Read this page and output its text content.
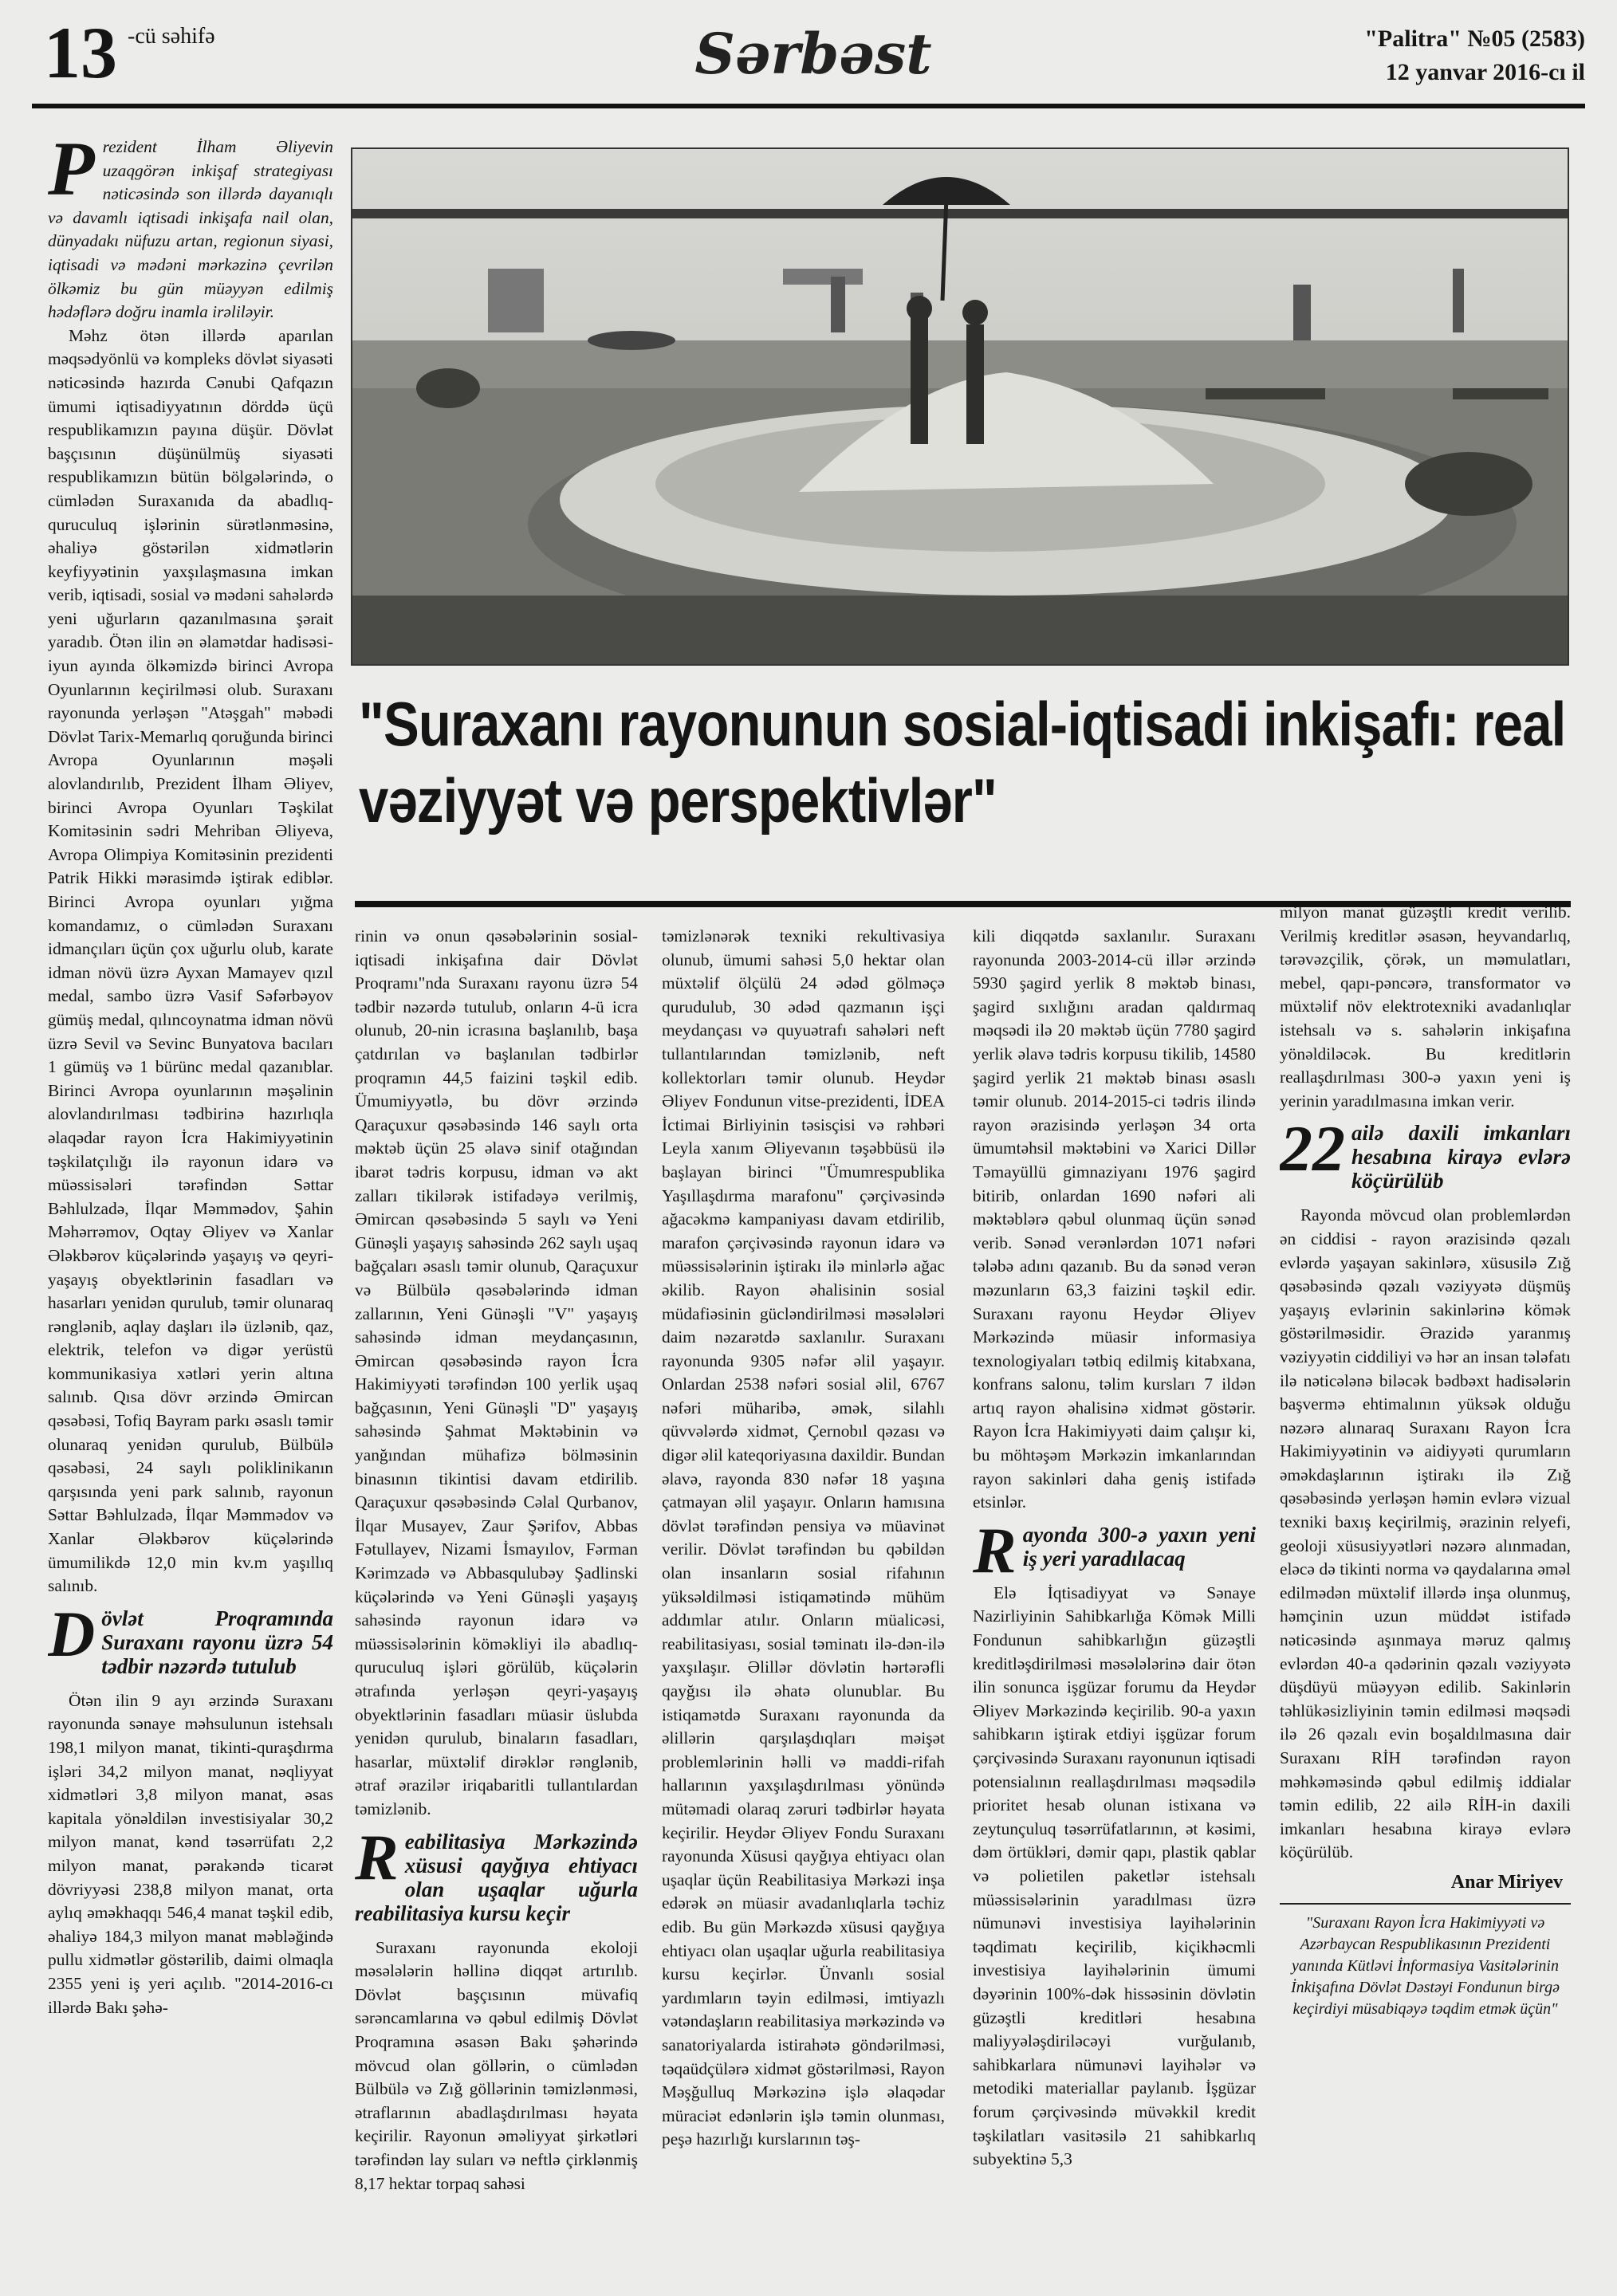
13 -cü səhifə	Sərbəst	"Palitra" №05 (2583)
12 yanvar 2016-cı il

Prezident İlham Əliyevin uzaqgörən inkişaf strategiyası nəticəsində son illərdə dayanıqlı və davamlı iqtisadi inkişafa nail olan, dünyadakı nüfuzu artan, regionun siyasi, iqtisadi və mədəni mərkəzinə çevrilən ölkəmiz bu gün müəyyən edilmiş hədəflərə doğru inamla irəliləyir.

Məhz ötən illərdə aparılan məqsədyönlü və kompleks dövlət siyasəti nəticəsində hazırda Cənubi Qafqazın ümumi iqtisadiyyatının dörddə üçü respublikamızın payına düşür. Dövlət başçısının düşünülmüş siyasəti respublikamızın bütün bölgələrində, o cümlədən Suraxanıda da abadlıq-quruculuq işlərinin sürətlənməsinə, əhaliyə göstərilən xidmətlərin keyfiyyətinin yaxşılaşmasına imkan verib, iqtisadi, sosial və mədəni sahələrdə yeni uğurların qazanılmasına şərait yaradıb. Ötən ilin ən əlamətdar hadisəsi-iyun ayında ölkəmizdə birinci Avropa Oyunlarının keçirilməsi olub. Suraxanı rayonunda yerləşən "Atəşgah" məbədi Dövlət Tarix-Memarlıq qoruğunda birinci Avropa Oyunlarının məşəli alovlandırılıb, Prezident İlham Əliyev, birinci Avropa Oyunları Təşkilat Komitəsinin sədri Mehriban Əliyeva, Avropa Olimpiya Komitəsinin prezidenti Patrik Hikki mərasimdə iştirak ediblər. Birinci Avropa oyunları yığma komandamız, o cümlədən Suraxanı idmançıları üçün çox uğurlu olub, karate idman növü üzrə Ayxan Mamayev qızıl medal, sambo üzrə Vasif Səfərbəyov gümüş medal, qılıncoynatma idman növü üzrə Sevil və Sevinc Bunyatova bacıları 1 gümüş və 1 bürünc medal qazanıblar. Birinci Avropa oyunlarının məşəlinin alovlandırılması tədbirinə hazırlıqla əlaqədar rayon İcra Hakimiyyətinin təşkilatçılığı ilə rayonun idarə və müəssisələri tərəfindən Səttar Bəhlulzadə, İlqar Məmmədov, Şahin Məhərrəmov, Oqtay Əliyev və Xanlar Ələkbərov küçələrində yaşayış və qeyri-yaşayış obyektlərinin fasadları və hasarları yenidən qurulub, təmir olunaraq rənglənib, aqlay daşları ilə üzlənib, qaz, elektrik, telefon və digər yerüstü kommunikasiya xətləri yerin altına salınıb. Qısa dövr ərzində Əmircan qəsəbəsi, Tofiq Bayram parkı əsaslı təmir olunaraq yenidən qurulub, Bülbülə qəsəbəsi, 24 saylı poliklinikanın qarşısında yeni park salınıb, rayonun Səttar Bəhlulzadə, İlqar Məmmədov və Xanlar Ələkbərov küçələrində ümumilikdə 12,0 min kv.m yaşıllıq salınıb.

Dövlət Proqramında Suraxanı rayonu üzrə 54 tədbir nəzərdə tutulub

Ötən ilin 9 ayı ərzində Suraxanı rayonunda sənaye məhsulunun istehsalı 198,1 milyon manat, tikinti-quraşdırma işləri 34,2 milyon manat, nəqliyyat xidmətləri 3,8 milyon manat, əsas kapitala yönəldilən investisiyalar 30,2 milyon manat, kənd təsərrüfatı 2,2 milyon manat, pərakəndə ticarət dövriyyəsi 238,8 milyon manat, orta aylıq əməkhaqqı 546,4 manat təşkil edib, əhaliyə 184,3 milyon manat məbləğində pullu xidmətlər göstərilib, daimi olmaqla 2355 yeni iş yeri açılıb. "2014-2016-cı illərdə Bakı şəhə-

"Suraxanı rayonunun sosial-iqtisadi inkişafı: real vəziyyət və perspektivlər"

rinin və onun qəsəbələrinin sosial-iqtisadi inkişafına dair Dövlət Proqramı"nda Suraxanı rayonu üzrə 54 tədbir nəzərdə tutulub, onların 4-ü icra olunub, 20-nin icrasına başlanılıb, başa çatdırılan və başlanılan tədbirlər proqramın 44,5 faizini təşkil edib. Ümumiyyətlə, bu dövr ərzində Qaraçuxur qəsəbəsində 146 saylı orta məktəb üçün 25 əlavə sinif otağından ibarət tədris korpusu, idman və akt zalları tikilərək istifadəyə verilmiş, Əmircan qəsəbəsində 5 saylı və Yeni Günəşli yaşayış sahəsində 262 saylı uşaq bağçaları əsaslı təmir olunub, Qaraçuxur və Bülbülə qəsəbələrində idman zallarının, Yeni Günəşli "V" yaşayış sahəsində idman meydançasının, Əmircan qəsəbəsində rayon İcra Hakimiyyəti tərəfindən 100 yerlik uşaq bağçasının, Yeni Günəşli "D" yaşayış sahəsində Şahmat Məktəbinin və yanğından mühafizə bölməsinin binasının tikintisi davam etdirilib. Qaraçuxur qəsəbəsində Cəlal Qurbanov, İlqar Musayev, Zaur Şərifov, Abbas Fətullayev, Nizami İsmayılov, Fərman Kərimzadə və Abbasqulubəy Şadlinski küçələrində və Yeni Günəşli yaşayış sahəsində rayonun idarə və müəssisələrinin köməkliyi ilə abadlıq-quruculuq işləri görülüb, küçələrin ətrafında yerləşən qeyri-yaşayış obyektlərinin fasadları müasir üslubda yenidən qurulub, binaların fasadları, hasarlar, müxtəlif dirəklər rənglənib, ətraf ərazilər iriqabaritli tullantılardan təmizlənib.

Reabilitasiya Mərkəzində xüsusi qayğıya ehtiyacı olan uşaqlar uğurla reabilitasiya kursu keçir

Suraxanı rayonunda ekoloji məsələlərin həllinə diqqət artırılıb. Dövlət başçısının müvafiq sərəncamlarına və qəbul edilmiş Dövlət Proqramına əsasən Bakı şəhərində mövcud olan göllərin, o cümlədən Bülbülə və Zığ göllərinin təmizlənməsi, ətraflarının abadlaşdırılması həyata keçirilir. Rayonun əməliyyat şirkətləri tərəfindən lay suları və neftlə çirklənmiş 8,17 hektar torpaq sahəsi

təmizlənərək texniki rekultivasiya olunub, ümumi sahəsi 5,0 hektar olan müxtəlif ölçülü 24 ədəd gölməçə qurudulub, 30 ədəd qazmanın işçi meydançası və quyuətrafı sahələri neft tullantılarından təmizlənib, neft kollektorları təmir olunub. Heydər Əliyev Fondunun vitse-prezidenti, İDEA İctimai Birliyinin təsisçisi və rəhbəri Leyla xanım Əliyevanın təşəbbüsü ilə başlayan birinci "Ümumrespublika Yaşıllaşdırma marafonu" çərçivəsində ağacəkmə kampaniyası davam etdirilib, marafon çərçivəsində rayonun idarə və müəssisələrinin iştirakı ilə minlərlə ağac əkilib. Rayon əhalisinin sosial müdafiəsinin gücləndirilməsi məsələləri daim nəzarətdə saxlanılır. Suraxanı rayonunda 9305 nəfər əlil yaşayır. Onlardan 2538 nəfəri sosial əlil, 6767 nəfəri müharibə, əmək, silahlı qüvvələrdə xidmət, Çernobıl qəzası və digər əlil kateqoriyasına daxildir. Bundan əlavə, rayonda 830 nəfər 18 yaşına çatmayan əlil yaşayır. Onların hamısına dövlət tərəfindən pensiya və müavinət verilir. Dövlət tərəfindən bu qəbildən olan insanların sosial rifahının yüksəldilməsi istiqamətində mühüm addımlar atılır. Onların müalicəsi, reabilitasiyası, sosial təminatı ilə-dən-ilə yaxşılaşır. Əlillər dövlətin hərtərəfli qayğısı ilə əhatə olunublar. Bu istiqamətdə Suraxanı rayonunda da əlillərin qarşılaşdıqları məişət problemlərinin həlli və maddi-rifah hallarının yaxşılaşdırılması yönündə mütəmadi olaraq zəruri tədbirlər həyata keçirilir. Heydər Əliyev Fondu Suraxanı rayonunda Xüsusi qayğıya ehtiyacı olan uşaqlar üçün Reabilitasiya Mərkəzi inşa edərək ən müasir avadanlıqlarla təchiz edib. Bu gün Mərkəzdə xüsusi qayğıya ehtiyacı olan uşaqlar uğurla reabilitasiya kursu keçirlər. Ünvanlı sosial yardımların təyin edilməsi, imtiyazlı vətəndaşların reabilitasiya mərkəzində və sanatoriyalarda istirahətə göndərilməsi, təqaüdçülərə xidmət göstərilməsi, Rayon Məşğulluq Mərkəzinə işlə əlaqədar müraciət edənlərin işlə təmin olunması, peşə hazırlığı kurslarının təş-

kili diqqətdə saxlanılır. Suraxanı rayonunda 2003-2014-cü illər ərzində 5930 şagird yerlik 8 məktəb binası, şagird sıxlığını aradan qaldırmaq məqsədi ilə 20 məktəb üçün 7780 şagird yerlik əlavə tədris korpusu tikilib, 14580 şagird yerlik 21 məktəb binası əsaslı təmir olunub. 2014-2015-ci tədris ilində rayon ərazisində yerləşən 34 orta ümumtəhsil məktəbini və Xarici Dillər Təmayüllü gimnaziyanı 1976 şagird bitirib, onlardan 1690 nəfəri ali məktəblərə qəbul olunmaq üçün sənəd verib. Sənəd verənlərdən 1071 nəfəri tələbə adını qazanıb. Bu da sənəd verən məzunların 63,3 faizini təşkil edir. Suraxanı rayonu Heydər Əliyev Mərkəzində müasir informasiya texnologiyaları tətbiq edilmiş kitabxana, konfrans salonu, təlim kursları 7 ildən artıq rayon əhalisinə xidmət göstərir. Rayon İcra Hakimiyyəti daim çalışır ki, bu möhtəşəm Mərkəzin imkanlarından rayon sakinləri daha geniş istifadə etsinlər.

Rayonda 300-ə yaxın yeni iş yeri yaradılacaq

Elə İqtisadiyyat və Sənaye Nazirliyinin Sahibkarlığa Kömək Milli Fondunun sahibkarlığın güzəştli kreditləşdirilməsi məsələlərinə dair ötən ilin sonunca işgüzar forumu da Heydər Əliyev Mərkəzində keçirilib. 90-a yaxın sahibkarın iştirak etdiyi işgüzar forum çərçivəsində Suraxanı rayonunun iqtisadi potensialının reallaşdırılması məqsədilə prioritet hesab olunan istixana və zeytunçuluq təsərrüfatlarının, ət kəsimi, dəm örtükləri, dəmir qapı, plastik qablar və polietilen paketlər istehsalı müəssisələrinin yaradılması üzrə nümunəvi investisiya layihələrinin təqdimatı keçirilib, kiçikhəcmli investisiya layihələrinin ümumi dəyərinin 100%-dək hissəsinin dövlətin güzəştli kreditləri hesabına maliyyələşdiriləcəyi vurğulanıb, sahibkarlara nümunəvi layihələr və metodiki materiallar paylanıb. İşgüzar forum çərçivəsində müvəkkil kredit təşkilatları vasitəsilə 21 sahibkarlıq subyektinə 5,3

milyon manat güzəştli kredit verilib. Verilmiş kreditlər əsasən, heyvandarlıq, tərəvəzçilik, çörək, un məmulatları, mebel, qapı-pəncərə, transformator və müxtəlif növ elektrotexniki avadanlıqlar istehsalı və s. sahələrin inkişafına yönəldiləcək. Bu kreditlərin reallaşdırılması 300-ə yaxın yeni iş yerinin yaradılmasına imkan verir.

22 ailə daxili imkanları hesabına kirayə evlərə köçürülüb

Rayonda mövcud olan problemlərdən ən ciddisi - rayon ərazisində qəzalı evlərdə yaşayan sakinlərə, xüsusilə Zığ qəsəbəsində qəzalı vəziyyətə düşmüş yaşayış evlərinin sakinlərinə kömək göstərilməsidir. Ərazidə yaranmış vəziyyətin ciddiliyi və hər an insan tələfatı ilə nəticələnə biləcək bədbəxt hadisələrin başvermə ehtimalının yüksək olduğu nəzərə alınaraq Suraxanı Rayon İcra Hakimiyyətinin və aidiyyəti qurumların əməkdaşlarının iştirakı ilə Zığ qəsəbəsində yerləşən həmin evlərə vizual texniki baxış keçirilmiş, ərazinin relyefi, geoloji xüsusiyyətləri nəzərə alınmadan, eləcə də tikinti norma və qaydalarına əməl edilmədən müxtəlif illərdə inşa olunmuş, həmçinin uzun müddət istifadə nəticəsində aşınmaya məruz qalmış evlərdən 40-a qədərinin qəzalı vəziyyətə düşdüyü müəyyən edilib. Sakinlərin təhlükəsizliyinin təmin edilməsi məqsədi ilə 26 qəzalı evin boşaldılmasına dair Suraxanı RİH tərəfindən rayon məhkəməsində qəbul edilmiş iddialar təmin edilib, 22 ailə RİH-in daxili imkanları hesabına kirayə evlərə köçürülüb.

Anar Miriyev
"Suraxanı Rayon İcra Hakimiyyəti və Azərbaycan Respublikasının Prezidenti yanında Kütləvi İnformasiya Vasitələrinin İnkişafına Dövlət Dəstəyi Fondunun birgə keçirdiyi müsabiqəyə təqdim etmək üçün"
